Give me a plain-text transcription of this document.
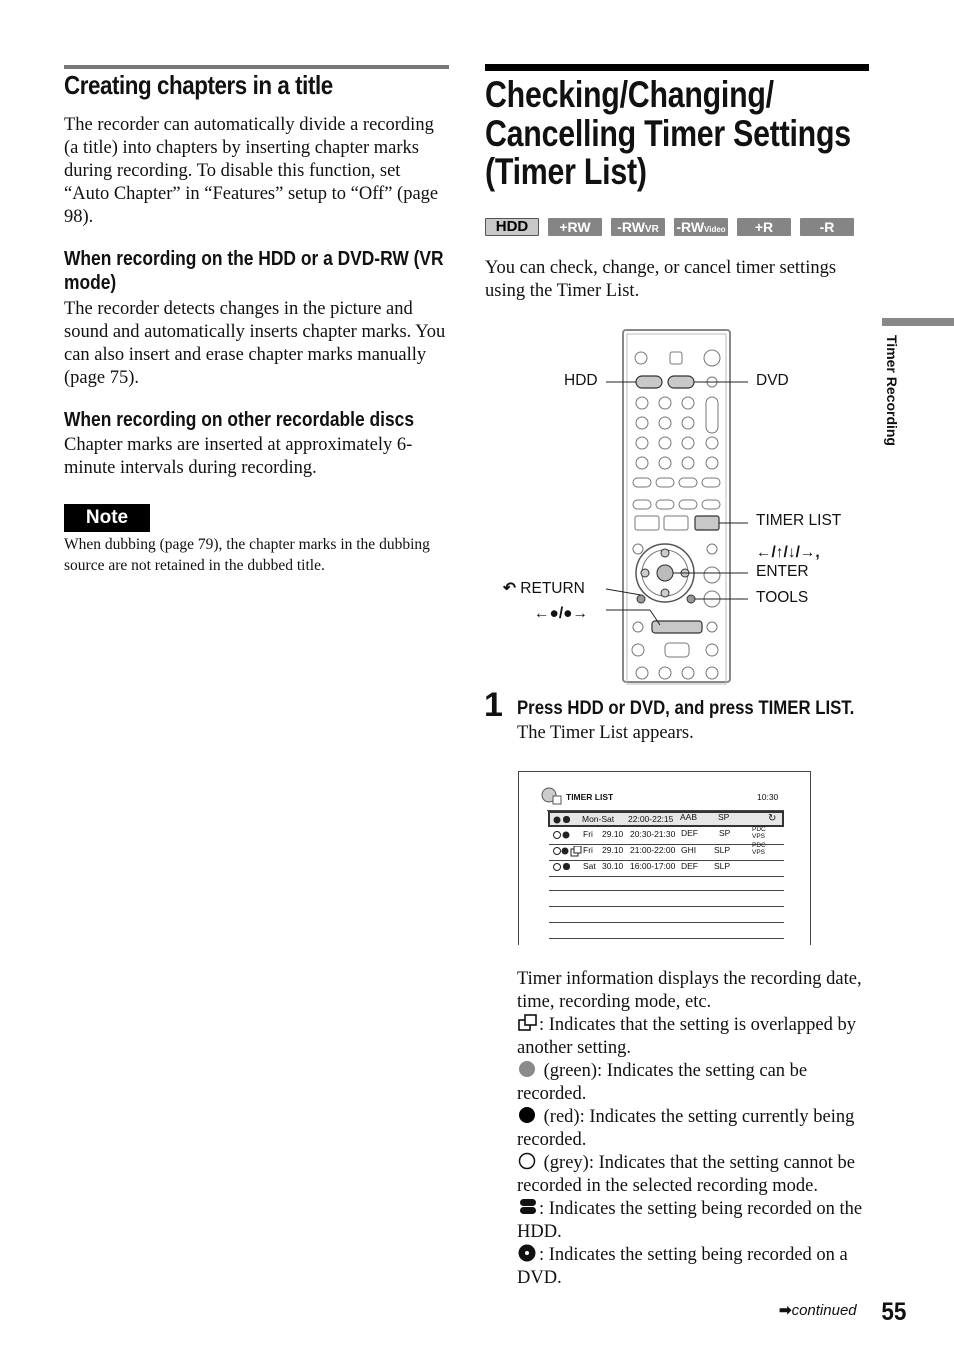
Creating chapters in a title
The recorder can automatically divide a recording (a title) into chapters by inserting chapter marks during recording. To disable this function, set “Auto Chapter” in “Features” setup to “Off” (page 98).
When recording on the HDD or a DVD-RW (VR mode)
The recorder detects changes in the picture and sound and automatically inserts chapter marks. You can also insert and erase chapter marks manually (page 75).
When recording on other recordable discs
Chapter marks are inserted at approximately 6-minute intervals during recording.
Note
When dubbing (page 79), the chapter marks in the dubbing source are not retained in the dubbed title.
Checking/Changing/ Cancelling Timer Settings (Timer List)
HDD	+RW	-RWVR	-RWVideo	+R	-R
You can check, change, or cancel timer settings using the Timer List.
Timer Recording
HDD	DVD
TIMER LIST
←/↑/↓/→,
ENTER
TOOLS
↶ RETURN
←●/●→
1 Press HDD or DVD, and press TIMER LIST.
The Timer List appears.
TIMER LIST	10:30
Mon-Sat 22:00-22:15 AAB SP	↻
Fri 29.10 20:30-21:30 DEF SP	PDC
VPS
Fri 29.10 21:00-22:00 GHI SLP	PDC
VPS
Sat 30.10 16:00-17:00 DEF SLP

Timer information displays the recording date, time, recording mode, etc.

: Indicates that the setting is overlapped by another setting.

(green): Indicates the setting can be recorded.

(red): Indicates the setting currently being recorded.

(grey): Indicates that the setting cannot be recorded in the selected recording mode.

: Indicates the setting being recorded on the HDD.

: Indicates the setting being recorded on a DVD.

➡continued 55
